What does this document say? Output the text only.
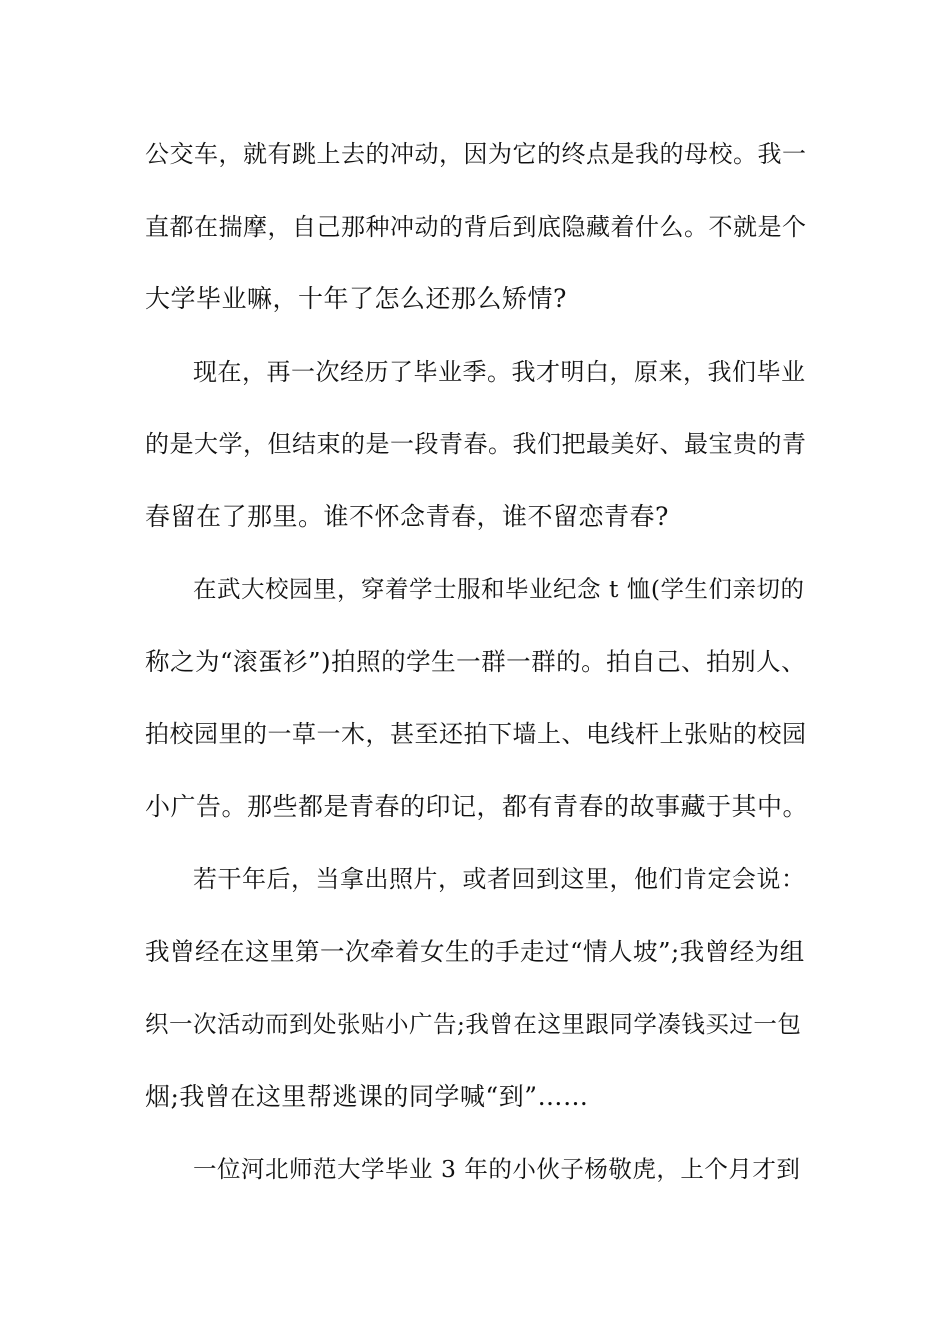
公交车，就有跳上去的冲动，因为它的终点是我的母校。我一
直都在揣摩，自己那种冲动的背后到底隐藏着什么。不就是个
大学毕业嘛，十年了怎么还那么矫情?
现在，再一次经历了毕业季。我才明白，原来，我们毕业
的是大学，但结束的是一段青春。我们把最美好、最宝贵的青
春留在了那里。谁不怀念青春，谁不留恋青春?
在武大校园里，穿着学士服和毕业纪念 t 恤(学生们亲切的
称之为“滚蛋衫”)拍照的学生一群一群的。拍自己、拍别人、
拍校园里的一草一木，甚至还拍下墙上、电线杆上张贴的校园
小广告。那些都是青春的印记，都有青春的故事藏于其中。
若干年后，当拿出照片，或者回到这里，他们肯定会说：
我曾经在这里第一次牵着女生的手走过“情人坡”;我曾经为组
织一次活动而到处张贴小广告;我曾在这里跟同学凑钱买过一包
烟;我曾在这里帮逃课的同学喊“到”……
一位河北师范大学毕业 3 年的小伙子杨敬虎，上个月才到
